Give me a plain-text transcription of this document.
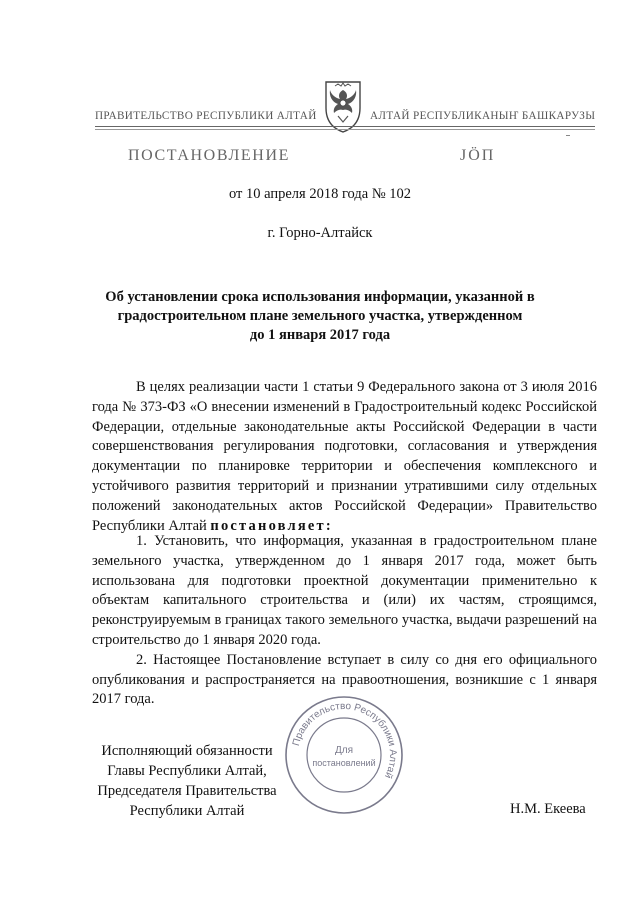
ПРАВИТЕЛЬСТВО РЕСПУБЛИКИ АЛТАЙ	АЛТАЙ РЕСПУБЛИКАНЫҤ БАШКАРУЗЫ
ПОСТАНОВЛЕНИЕ	ЈӦП
от 10 апреля 2018 года № 102
г. Горно-Алтайск
Об установлении срока использования информации, указанной в
градостроительном плане земельного участка, утвержденном
до 1 января 2017 года

В целях реализации части 1 статьи 9 Федерального закона от 3 июля 2016 года № 373-ФЗ «О внесении изменений в Градостроительный кодекс Российской Федерации, отдельные законодательные акты Российской Федерации в части совершенствования регулирования подготовки, согласования и утверждения документации по планировке территории и обеспечения комплексного и устойчивого развития территорий и признании утратившими силу отдельных положений законодательных актов Российской Федерации» Правительство Республики Алтай постановляет:

1. Установить, что информация, указанная в градостроительном плане земельного участка, утвержденном до 1 января 2017 года, может быть использована для подготовки проектной документации применительно к объектам капитального строительства и (или) их частям, строящимся, реконструируемым в границах такого земельного участка, выдачи разрешений на строительство до 1 января 2020 года.

2. Настоящее Постановление вступает в силу со дня его официального опубликования и распространяется на правоотношения, возникшие с 1 января 2017 года.

Исполняющий обязанности
Главы Республики Алтай,
Председателя Правительства
Республики Алтай	Н.М. Екеева
Правительство Республики Алтай
Для
постановлений
